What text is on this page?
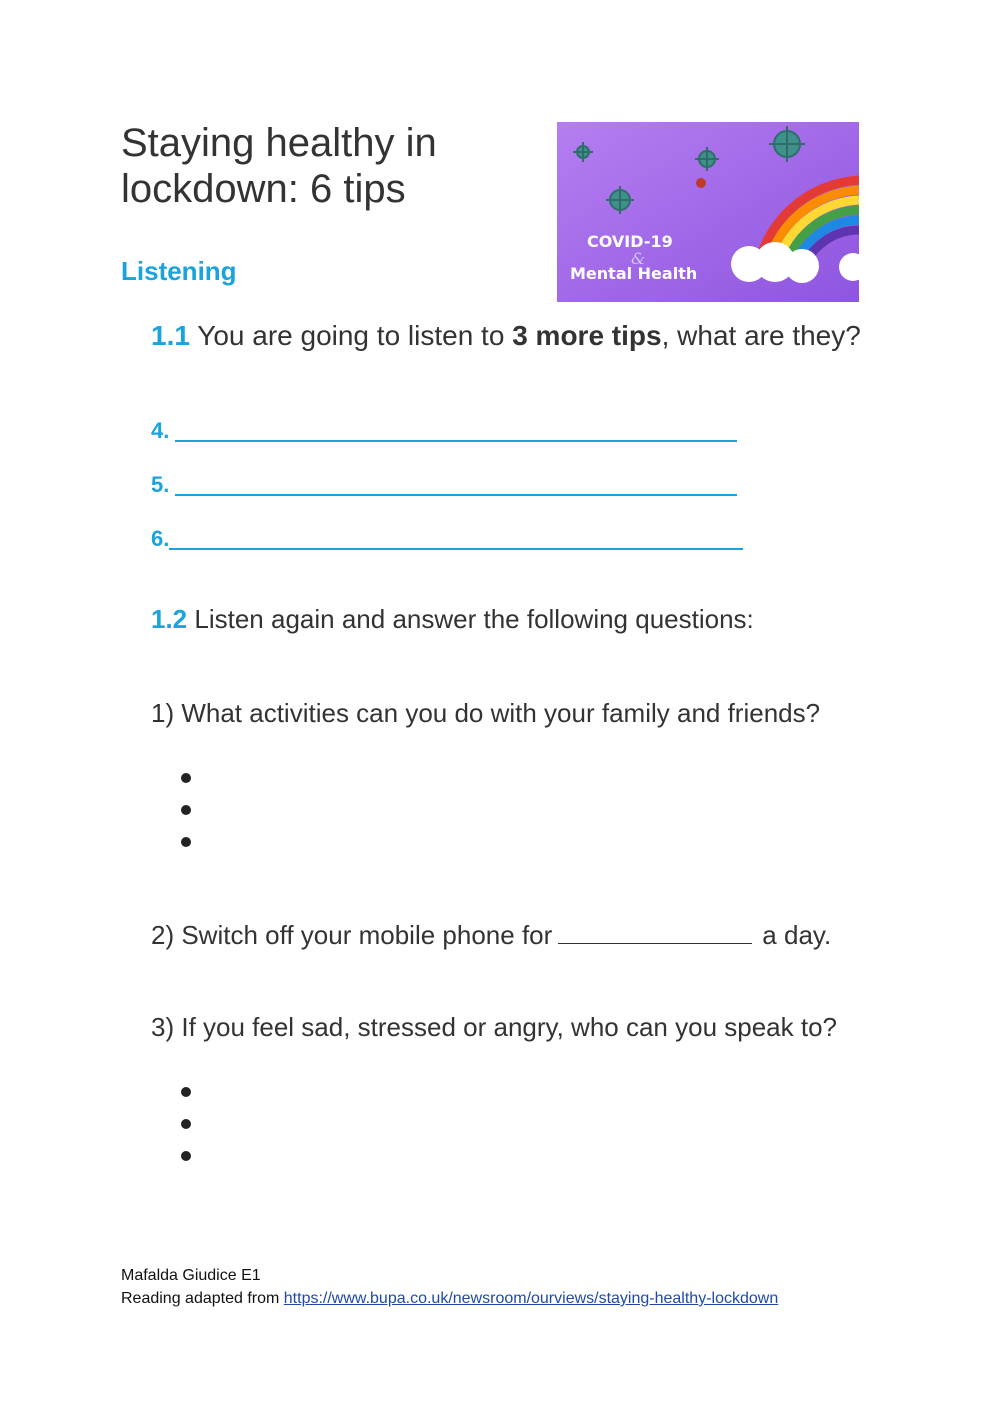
Staying healthy in lockdown: 6 tips
Listening
COVID-19
&
Mental Health
1.1 You are going to listen to 3 more tips, what are they?
4.
5.
6.
1.2 Listen again and answer the following questions:
1) What activities can you do with your family and friends?
2) Switch off your mobile phone for	a day.
3) If you feel sad, stressed or angry, who can you speak to?
Mafalda Giudice E1
Reading adapted from https://www.bupa.co.uk/newsroom/ourviews/staying-healthy-lockdown
